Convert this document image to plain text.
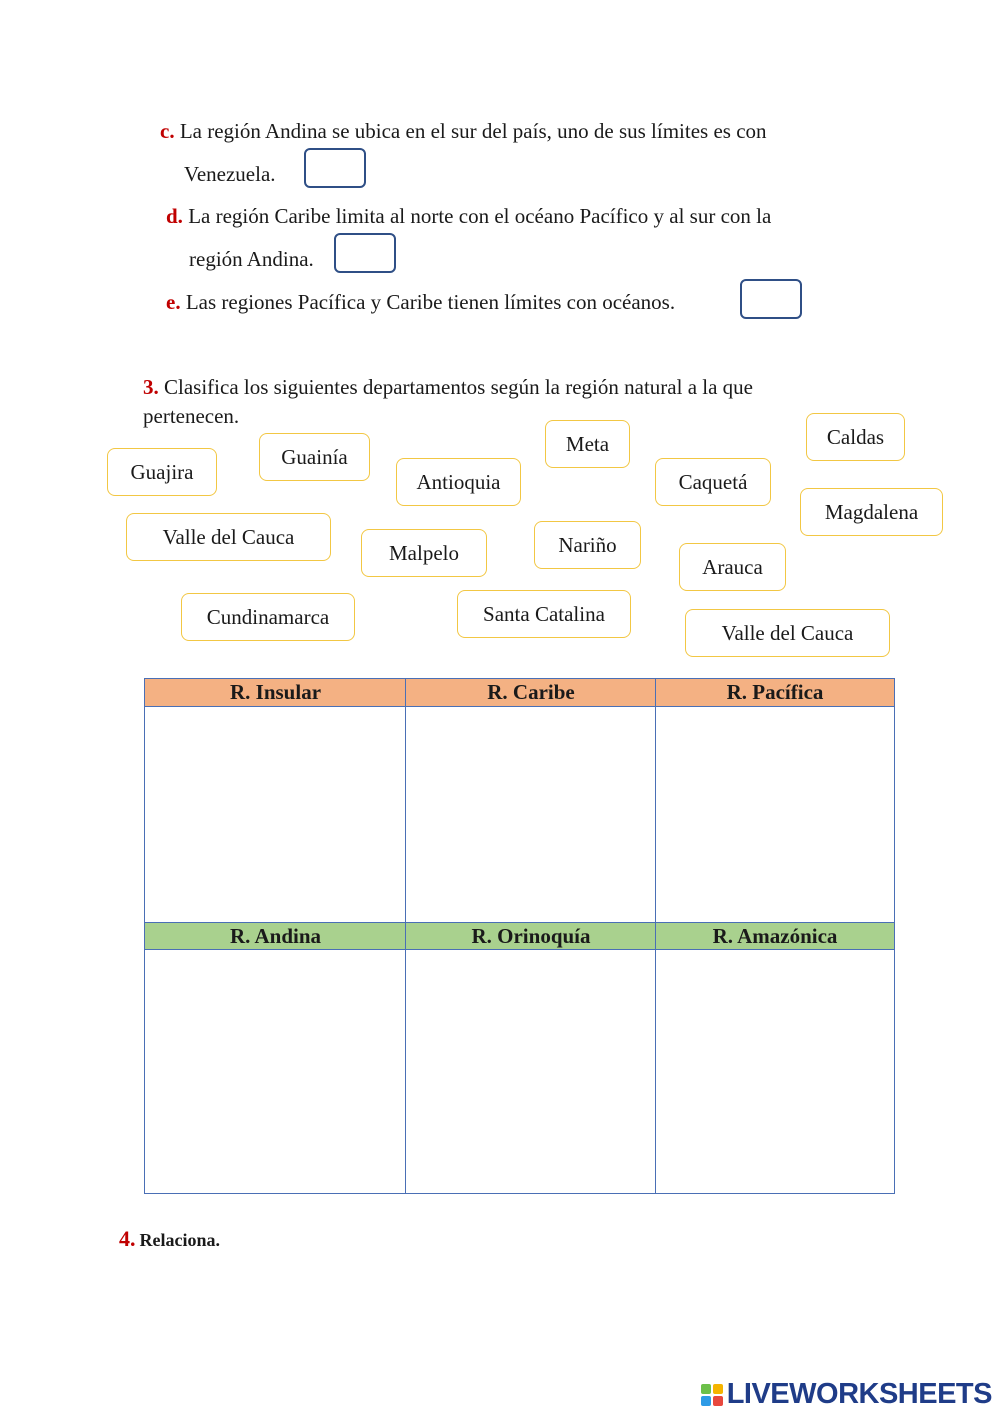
c. La región Andina se ubica en el sur del país, uno de sus límites es con
Venezuela.
d. La región Caribe limita al norte con el océano Pacífico y al sur con la
región Andina.
e. Las regiones Pacífica y Caribe tienen límites con océanos.
3. Clasifica los siguientes departamentos según la región natural a la que
pertenecen.
Guajira
Guainía
Antioquia
Meta
Caquetá
Caldas
Magdalena
Valle del Cauca
Malpelo	Nariño
Arauca
Cundinamarca	Santa Catalina
Valle del Cauca
R. Insular	R. Caribe	R. Pacífica
R. Andina	R. Orinoquía	R. Amazónica
4. Relaciona.
LIVEWORKSHEETS
